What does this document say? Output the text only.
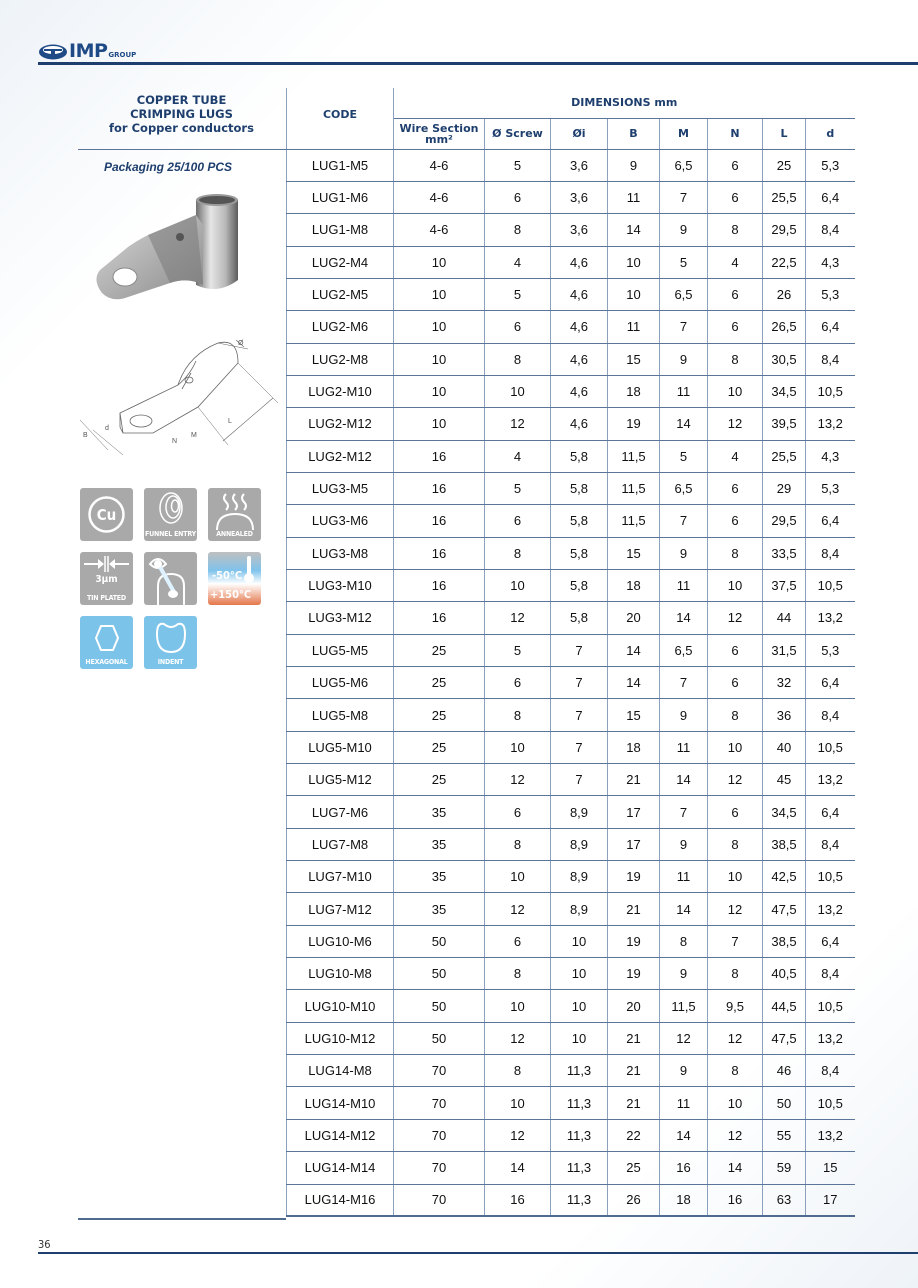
IMP GROUP
COPPER TUBE
CRIMPING LUGS
for Copper conductors
Packaging 25/100 PCS
Ø
L
M
N
B
d
Cu
FUNNEL ENTRY	ANNEALED
3µm
TIN PLATED
-50°C
+150°C
HEXAGONAL	INDENT
CODE	DIMENSIONS mm							

	Wire Section
mm²	Ø Screw	Øi	B	M	N	L	d
LUG1-M5	4-6	5	3,6	9	6,5	6	25	5,3
LUG1-M6	4-6	6	3,6	11	7	6	25,5	6,4
LUG1-M8	4-6	8	3,6	14	9	8	29,5	8,4
LUG2-M4	10	4	4,6	10	5	4	22,5	4,3
LUG2-M5	10	5	4,6	10	6,5	6	26	5,3
LUG2-M6	10	6	4,6	11	7	6	26,5	6,4
LUG2-M8	10	8	4,6	15	9	8	30,5	8,4
LUG2-M10	10	10	4,6	18	11	10	34,5	10,5
LUG2-M12	10	12	4,6	19	14	12	39,5	13,2
LUG2-M12	16	4	5,8	11,5	5	4	25,5	4,3
LUG3-M5	16	5	5,8	11,5	6,5	6	29	5,3
LUG3-M6	16	6	5,8	11,5	7	6	29,5	6,4
LUG3-M8	16	8	5,8	15	9	8	33,5	8,4
LUG3-M10	16	10	5,8	18	11	10	37,5	10,5
LUG3-M12	16	12	5,8	20	14	12	44	13,2
LUG5-M5	25	5	7	14	6,5	6	31,5	5,3
LUG5-M6	25	6	7	14	7	6	32	6,4
LUG5-M8	25	8	7	15	9	8	36	8,4
LUG5-M10	25	10	7	18	11	10	40	10,5
LUG5-M12	25	12	7	21	14	12	45	13,2
LUG7-M6	35	6	8,9	17	7	6	34,5	6,4
LUG7-M8	35	8	8,9	17	9	8	38,5	8,4
LUG7-M10	35	10	8,9	19	11	10	42,5	10,5
LUG7-M12	35	12	8,9	21	14	12	47,5	13,2
LUG10-M6	50	6	10	19	8	7	38,5	6,4
LUG10-M8	50	8	10	19	9	8	40,5	8,4
LUG10-M10	50	10	10	20	11,5	9,5	44,5	10,5
LUG10-M12	50	12	10	21	12	12	47,5	13,2
LUG14-M8	70	8	11,3	21	9	8	46	8,4
LUG14-M10	70	10	11,3	21	11	10	50	10,5
LUG14-M12	70	12	11,3	22	14	12	55	13,2
LUG14-M14	70	14	11,3	25	16	14	59	15
LUG14-M16	70	16	11,3	26	18	16	63	17
36
